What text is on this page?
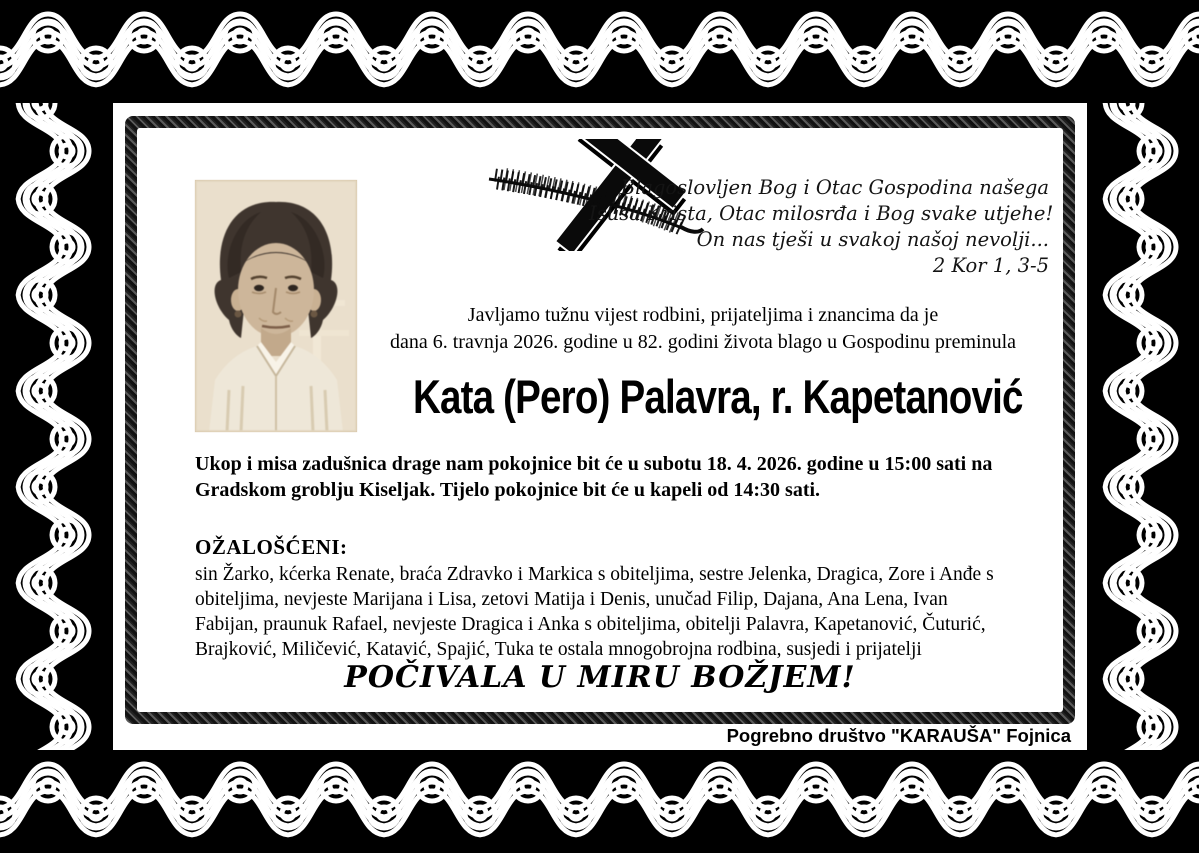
Blagoslovljen Bog i Otac Gospodina našega
Isusa Krista, Otac milosrđa i Bog svake utjehe!
On nas tješi u svakoj našoj nevolji...
2 Kor 1, 3-5
Javljamo tužnu vijest rodbini, prijateljima i znancima da je
dana 6. travnja 2026. godine u 82. godini života blago u Gospodinu preminula
Kata (Pero) Palavra, r. Kapetanović
Ukop i misa zadušnica drage nam pokojnice bit će u subotu 18. 4. 2026. godine u 15:00 sati na Gradskom groblju Kiseljak. Tijelo pokojnice bit će u kapeli od 14:30 sati.
OŽALOŠĆENI:
sin Žarko, kćerka Renate, braća Zdravko i Markica s obiteljima, sestre Jelenka, Dragica, Zore i Anđe s obiteljima, nevjeste Marijana i Lisa, zetovi Matija i Denis, unučad Filip, Dajana, Ana Lena, Ivan Fabijan, praunuk Rafael, nevjeste Dragica i Anka s obiteljima, obitelji Palavra, Kapetanović, Čuturić, Brajković, Miličević, Katavić, Spajić, Tuka te ostala mnogobrojna rodbina, susjedi i prijatelji
POČIVALA U MIRU BOŽJEM!
Pogrebno društvo "KARAUŠA" Fojnica
